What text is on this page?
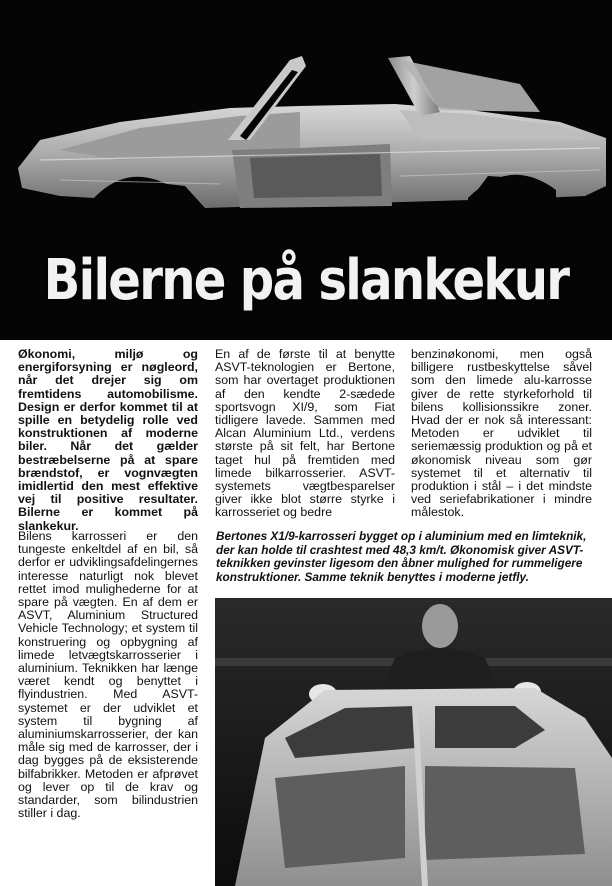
Bilerne på slankekur
Økonomi, miljø og energiforsyning er nøgleord, når det drejer sig om fremtidens automobilisme. Design er derfor kommet til at spille en betydelig rolle ved konstruktionen af moderne biler. Når det gælder bestræbelserne på at spare brændstof, er vognvægten imidlertid den mest effektive vej til positive resultater. Bilerne er kommet på slankekur.
En af de første til at benytte ASVT-teknologien er Bertone, som har overtaget produktionen af den kendte 2-sædede sportsvogn XI/9, som Fiat tidligere lavede. Sammen med Alcan Aluminium Ltd., verdens største på sit felt, har Bertone taget hul på fremtiden med limede bilkarrosserier. ASVT-systemets vægtbesparelser giver ikke blot større styrke i karrosseriet og bedre
benzinøkonomi, men også billigere rustbeskyttelse såvel som den limede alu-karrosse giver de rette styrkeforhold til bilens kollisionssikre zoner. Hvad der er nok så interessant: Metoden er udviklet til seriemæssig produktion og på et økonomisk niveau som gør systemet til et alternativ til produktion i stål – i det mindste ved seriefabrikationer i mindre målestok.
Bilens karrosseri er den tungeste enkeltdel af en bil, så derfor er udviklingsafdelingernes interesse naturligt nok blevet rettet imod mulighederne for at spare på vægten. En af dem er ASVT, Aluminium Structured Vehicle Technology; et system til konstruering og opbygning af limede letvægtskarrosserier i aluminium. Teknikken har længe været kendt og benyttet i flyindustrien. Med ASVT-systemet er der udviklet et system til bygning af aluminiumskarrosserier, der kan måle sig med de karrosser, der i dag bygges på de eksisterende bilfabrikker. Metoden er afprøvet og lever op til de krav og standarder, som bilindustrien stiller i dag.
Bertones X1/9-karrosseri bygget op i aluminium med en limteknik, der kan holde til crashtest med 48,3 km/t. Økonomisk giver ASVT-teknikken gevinster ligesom den åbner mulighed for rummeligere konstruktioner. Samme teknik benyttes i moderne jetfly.
